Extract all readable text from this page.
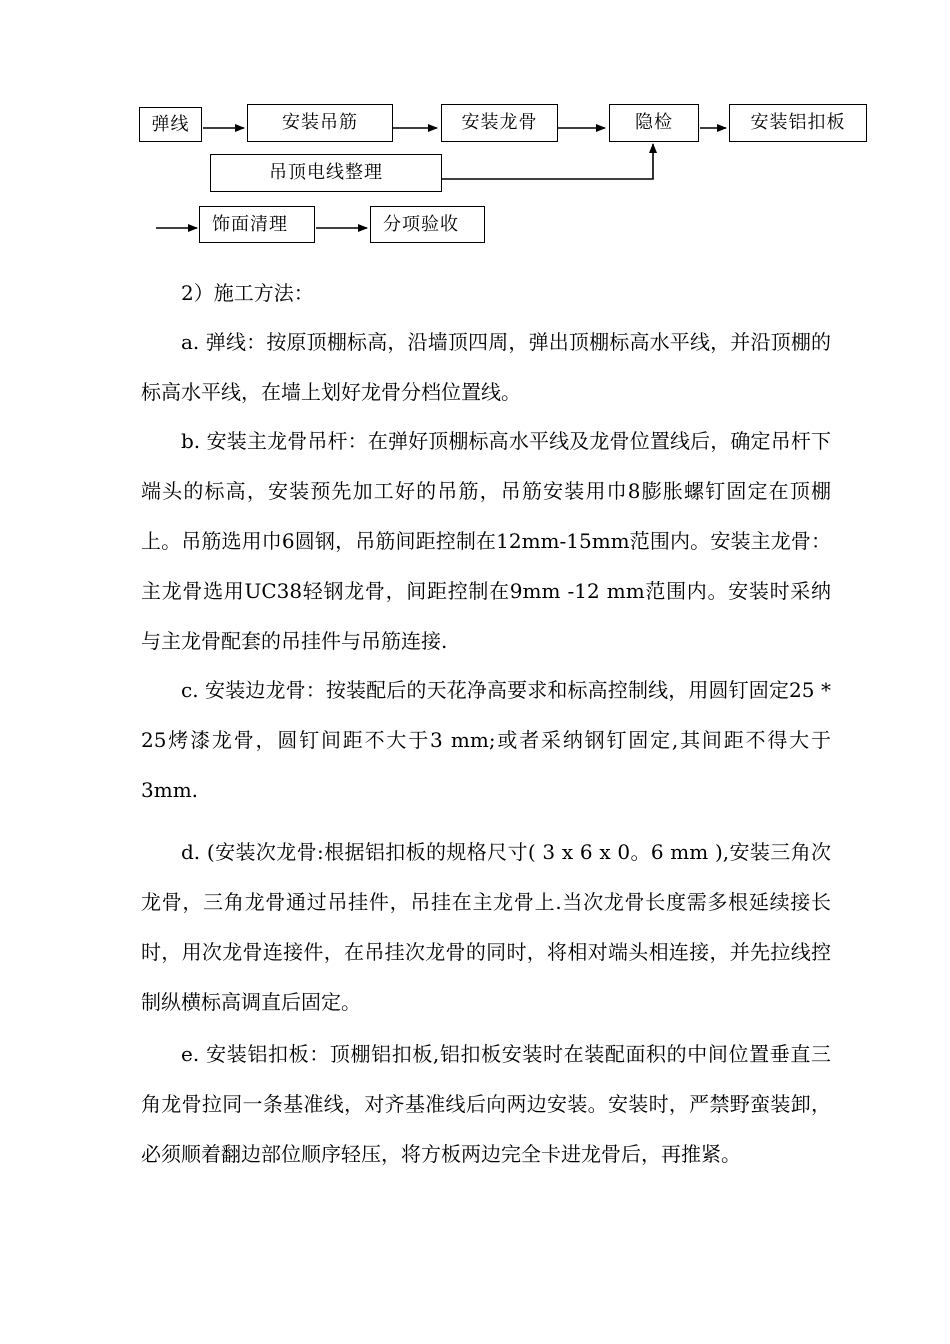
弹线	安装吊筋	安装龙骨	隐检	安装铝扣板
吊顶电线整理
饰面清理	分项验收

2）施工方法：

a. 弹线：按原顶棚标高，沿墙顶四周，弹出顶棚标高水平线，并沿顶棚的标高水平线，在墙上划好龙骨分档位置线。

b. 安装主龙骨吊杆：在弹好顶棚标高水平线及龙骨位置线后，确定吊杆下端头的标高，安装预先加工好的吊筋，吊筋安装用巾8膨胀螺钉固定在顶棚上。吊筋选用巾6圆钢，吊筋间距控制在12mm-15mm范围内。安装主龙骨：主龙骨选用UC38轻钢龙骨，间距控制在9mm -12 mm范围内。安装时采纳与主龙骨配套的吊挂件与吊筋连接.

c. 安装边龙骨：按装配后的天花净高要求和标高控制线，用圆钉固定25 * 25烤漆龙骨，圆钉间距不大于3 mm;或者采纳钢钉固定,其间距不得大于3mm.

d. (安装次龙骨:根据铝扣板的规格尺寸( 3 x 6 x 0。6 mm ),安装三角次龙骨，三角龙骨通过吊挂件，吊挂在主龙骨上.当次龙骨长度需多根延续接长时，用次龙骨连接件，在吊挂次龙骨的同时，将相对端头相连接，并先拉线控制纵横标高调直后固定。

e. 安装铝扣板：顶棚铝扣板,铝扣板安装时在装配面积的中间位置垂直三角龙骨拉同一条基准线，对齐基准线后向两边安装。安装时，严禁野蛮装卸，必须顺着翻边部位顺序轻压，将方板两边完全卡进龙骨后，再推紧。
